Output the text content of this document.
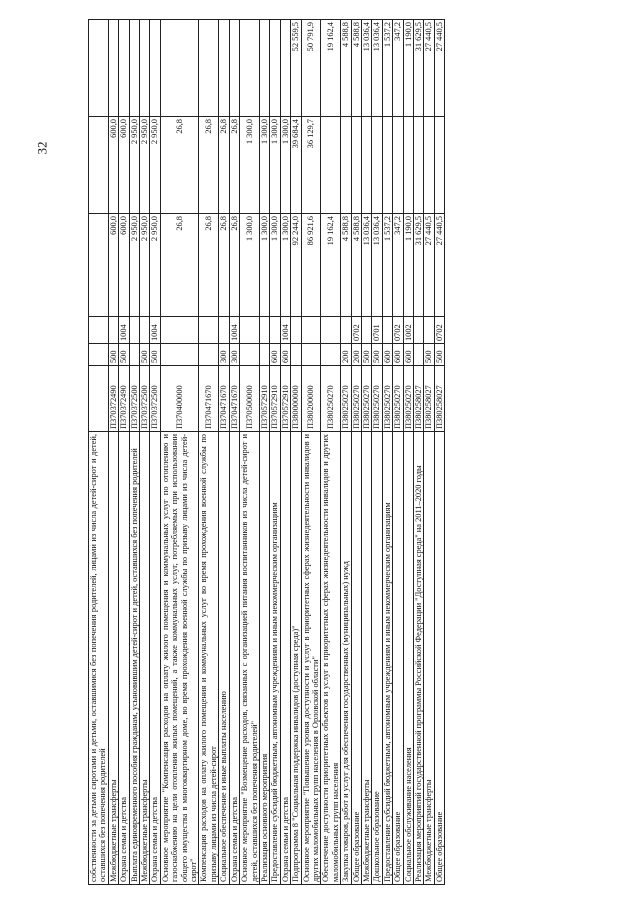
32
собственности за детьми сиротами и детьми, оставшимися без попечения родителей, лицами из числа детей-сирот и детей, оставшихся без попечения родителей						
Межбюджетные трансферты	П370372490	500		600,0	600,0	
Охрана семьи и детства	П370372490	500	1004	600,0	600,0	
Выплата единовременного пособия гражданам, усыновившим детей-сирот и детей, оставшихся без попечения родителей	П370372500			2 950,0	2 950,0	
Межбюджетные трансферты	П370372500	500		2 950,0	2 950,0	
Охрана семьи и детства	П370372500	500	1004	2 950,0	2 950,0	
Основное мероприятие "Компенсация расходов на оплату жилого помещения и коммунальных услуг по отоплению и газоснабжению на цели отопления жилых помещений, а также коммунальных услуг, потребляемых при использовании общего имущества в многоквартирном доме, во время прохождения военной службы по призыву лицами из числа детей-сирот"	П370400000			26,8	26,8	
Компенсация расходов на оплату жилого помещения и коммунальных услуг во время прохождения военной службы по призыву лицами из числа детей-сирот	П370471670			26,8	26,8	
Социальное обеспечение и иные выплаты населению	П370471670	300		26,8	26,8	
Охрана семьи и детства	П370471670	300	1004	26,8	26,8	
Основное мероприятие "Возмещение расходов, связанных с организацией питания воспитанников из числа детей-сирот и детей, оставшихся без попечения родителей"	П370500000			1 300,0	1 300,0	
Реализация основного мероприятия	П370572910			1 300,0	1 300,0	
Предоставление субсидий бюджетным, автономным учреждениям и иным некоммерческим организациям	П370572910	600		1 300,0	1 300,0	
Охрана семьи и детства	П370572910	600	1004	1 300,0	1 300,0	
Подпрограмма 8 "Социальная поддержка инвалидов (доступная среда)"	П380000000			92 244,0	39 684,4	52 559,5
Основное мероприятие "Повышение уровня доступности и услуг в приоритетных сферах жизнедеятельности инвалидов и других маломобильных групп населения в Орловской области"	П380200000			86 921,6	36 129,7	50 791,9
Обеспечение доступности приоритетных объектов и услуг в приоритетных сферах жизнедеятельности инвалидов и других маломобильных групп населения	П380250270			19 162,4		19 162,4
Закупка товаров, работ и услуг для обеспечения государственных (муниципальных) нужд	П380250270	200		4 588,8		4 588,8
Общее образование	П380250270	200	0702	4 588,8		4 588,8
Межбюджетные трансферты	П380250270	500		13 036,4		13 036,4
Дошкольное образование	П380250270	500	0701	13 036,4		13 036,4
Предоставление субсидий бюджетным, автономным учреждениям и иным некоммерческим организациям	П380250270	600		1 537,2		1 537,2
Общее образование	П380250270	600	0702	347,2		347,2
Социальное обслуживание населения	П380250270	600	1002	1 190,0		1 190,0
Реализация мероприятий государственной программы Российской Федерации "Доступная среда" на 2011–2020 годы	П380258027			31 629,5		31 629,5
Межбюджетные трансферты	П380258027	500		27 440,5		27 440,5
Общее образование	П380258027	500	0702	27 440,5		27 440,5
